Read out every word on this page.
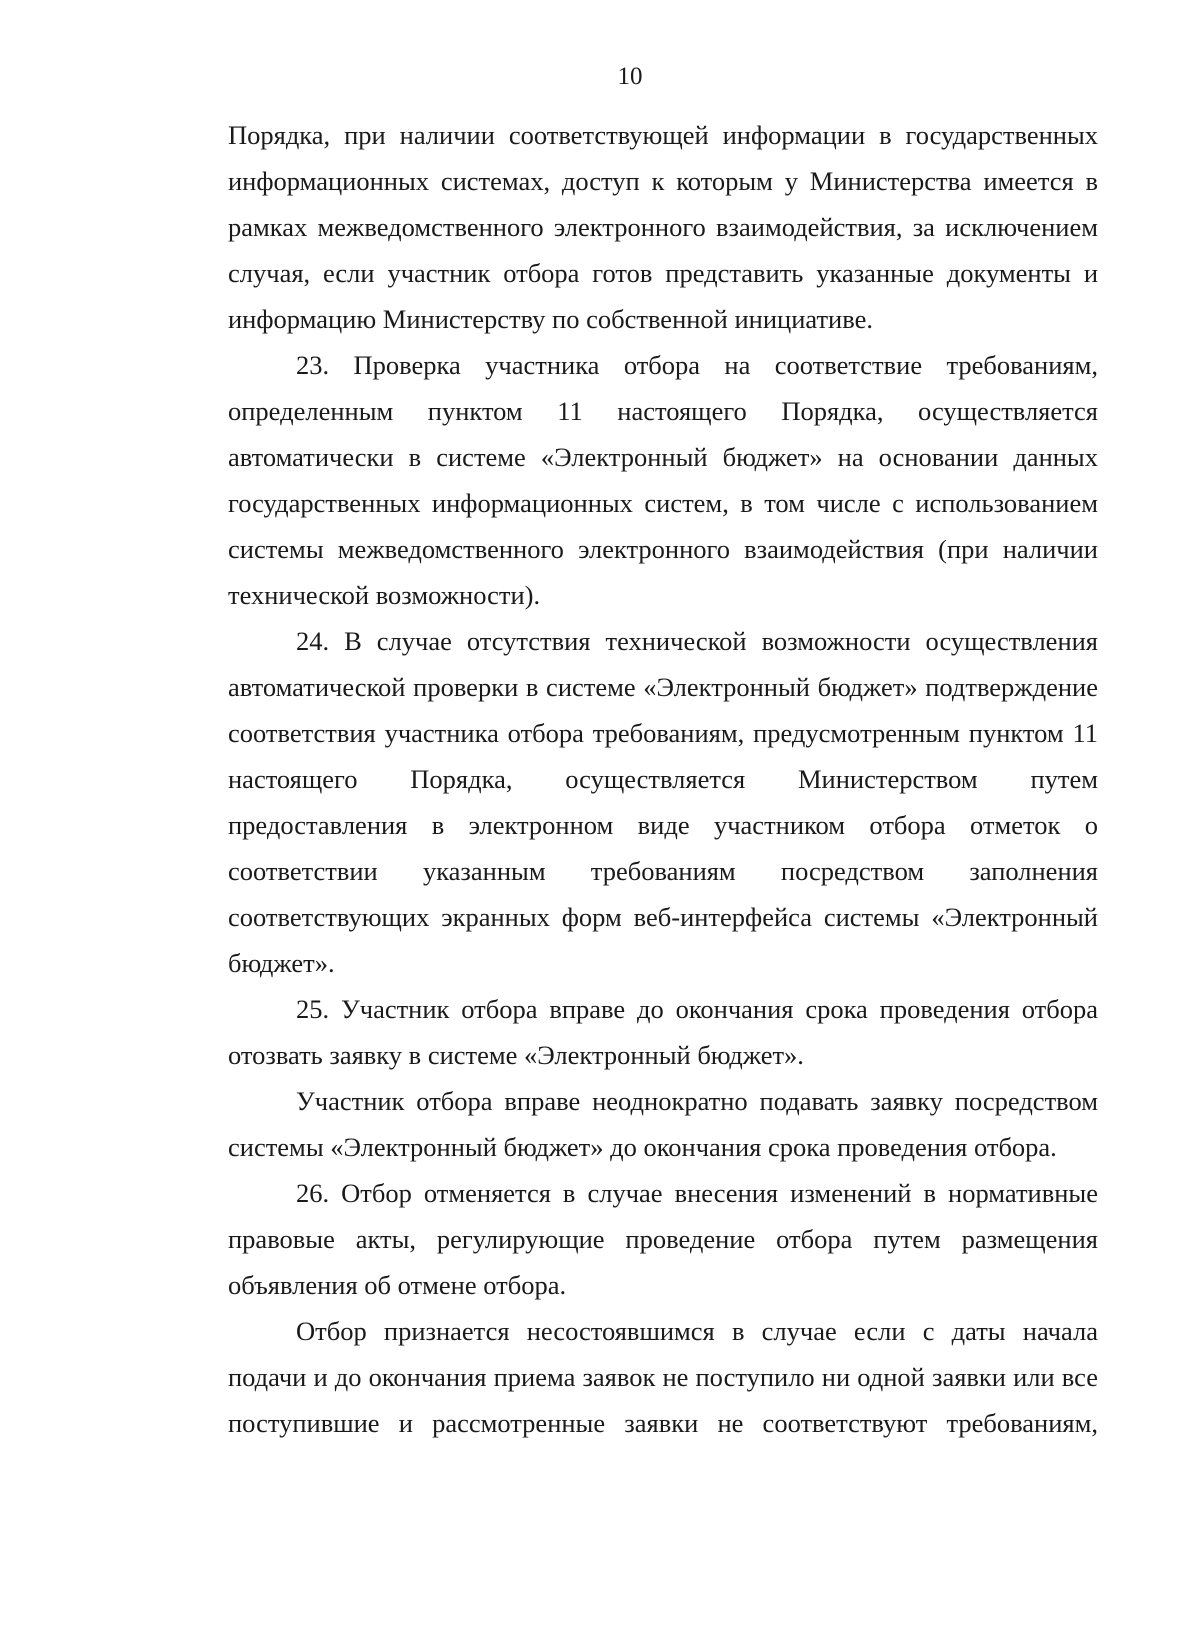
10

Порядка, при наличии соответствующей информации в государственных информационных системах, доступ к которым у Министерства имеется в рамках межведомственного электронного взаимодействия, за исключением случая, если участник отбора готов представить указанные документы и информацию Министерству по собственной инициативе.

23. Проверка участника отбора на соответствие требованиям, определенным пунктом 11 настоящего Порядка, осуществляется автоматически в системе «Электронный бюджет» на основании данных государственных информационных систем, в том числе с использованием системы межведомственного электронного взаимодействия (при наличии технической возможности).

24. В случае отсутствия технической возможности осуществления автоматической проверки в системе «Электронный бюджет» подтверждение соответствия участника отбора требованиям, предусмотренным пунктом 11 настоящего Порядка, осуществляется Министерством путем предоставления в электронном виде участником отбора отметок о соответствии указанным требованиям посредством заполнения соответствующих экранных форм веб-интерфейса системы «Электронный бюджет».

25. Участник отбора вправе до окончания срока проведения отбора отозвать заявку в системе «Электронный бюджет».

Участник отбора вправе неоднократно подавать заявку посредством системы «Электронный бюджет» до окончания срока проведения отбора.

26. Отбор отменяется в случае внесения изменений в нормативные правовые акты, регулирующие проведение отбора путем размещения объявления об отмене отбора.

Отбор признается несостоявшимся в случае если с даты начала подачи и до окончания приема заявок не поступило ни одной заявки или все поступившие и рассмотренные заявки не соответствуют требованиям,
